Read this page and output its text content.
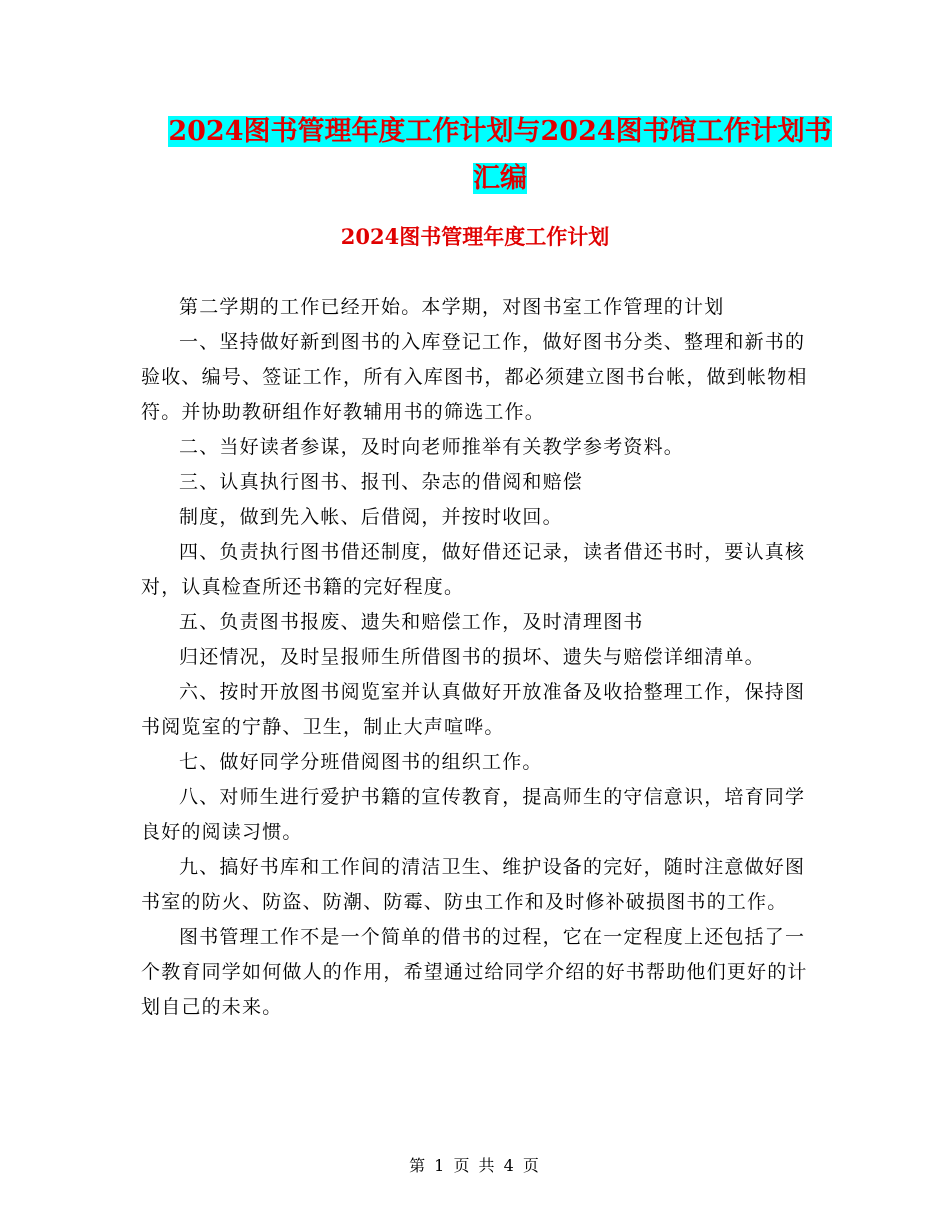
2024图书管理年度工作计划与2024图书馆工作计划书
汇编
2024图书管理年度工作计划

第二学期的工作已经开始。本学期，对图书室工作管理的计划

一、坚持做好新到图书的入库登记工作，做好图书分类、整理和新书的验收、编号、签证工作，所有入库图书，都必须建立图书台帐，做到帐物相符。并协助教研组作好教辅用书的筛选工作。

二、当好读者参谋，及时向老师推举有关教学参考资料。

三、认真执行图书、报刊、杂志的借阅和赔偿

制度，做到先入帐、后借阅，并按时收回。

四、负责执行图书借还制度，做好借还记录，读者借还书时，要认真核对，认真检查所还书籍的完好程度。

五、负责图书报废、遗失和赔偿工作，及时清理图书

归还情况，及时呈报师生所借图书的损坏、遗失与赔偿详细清单。

六、按时开放图书阅览室并认真做好开放准备及收拾整理工作，保持图书阅览室的宁静、卫生，制止大声喧哗。

七、做好同学分班借阅图书的组织工作。

八、对师生进行爱护书籍的宣传教育，提高师生的守信意识，培育同学良好的阅读习惯。

九、搞好书库和工作间的清洁卫生、维护设备的完好，随时注意做好图书室的防火、防盗、防潮、防霉、防虫工作和及时修补破损图书的工作。

图书管理工作不是一个简单的借书的过程，它在一定程度上还包括了一个教育同学如何做人的作用，希望通过给同学介绍的好书帮助他们更好的计划自己的未来。

第 1 页 共 4 页
